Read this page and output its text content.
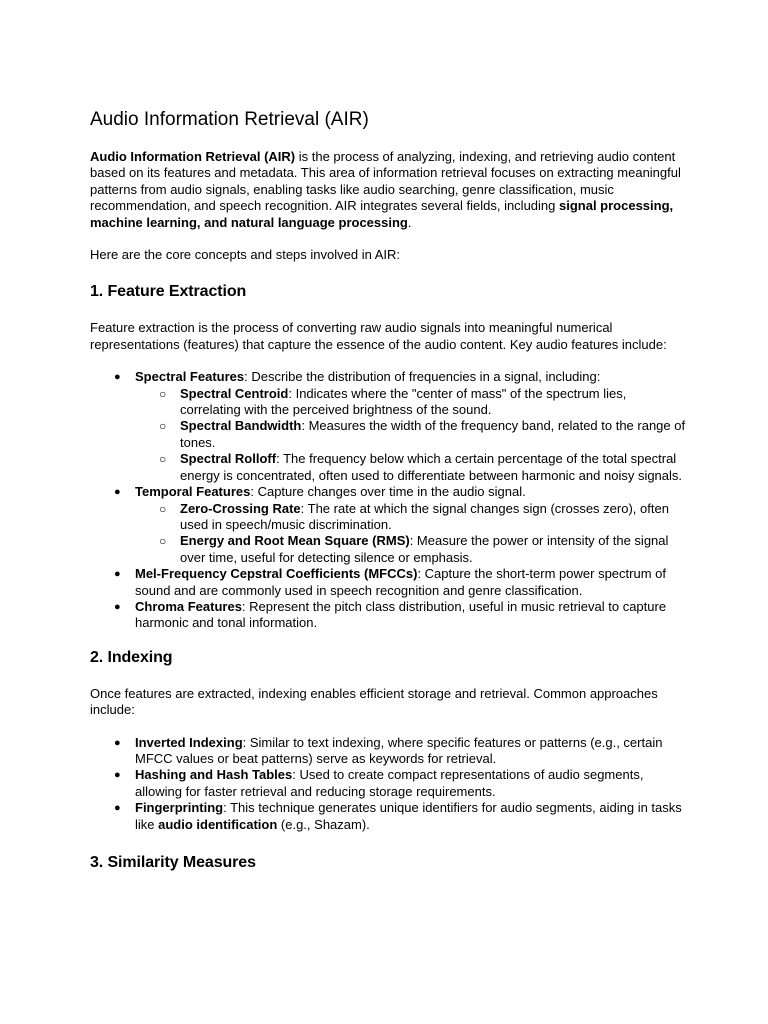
Audio Information Retrieval (AIR)

Audio Information Retrieval (AIR) is the process of analyzing, indexing, and retrieving audio content based on its features and metadata. This area of information retrieval focuses on extracting meaningful patterns from audio signals, enabling tasks like audio searching, genre classification, music recommendation, and speech recognition. AIR integrates several fields, including signal processing, machine learning, and natural language processing.

Here are the core concepts and steps involved in AIR:

1. Feature Extraction

Feature extraction is the process of converting raw audio signals into meaningful numerical representations (features) that capture the essence of the audio content. Key audio features include:

● Spectral Features: Describe the distribution of frequencies in a signal, including:
○ Spectral Centroid: Indicates where the "center of mass" of the spectrum lies, correlating with the perceived brightness of the sound.
○ Spectral Bandwidth: Measures the width of the frequency band, related to the range of tones.
○ Spectral Rolloff: The frequency below which a certain percentage of the total spectral energy is concentrated, often used to differentiate between harmonic and noisy signals.
● Temporal Features: Capture changes over time in the audio signal.
○ Zero-Crossing Rate: The rate at which the signal changes sign (crosses zero), often used in speech/music discrimination.
○ Energy and Root Mean Square (RMS): Measure the power or intensity of the signal over time, useful for detecting silence or emphasis.
● Mel-Frequency Cepstral Coefficients (MFCCs): Capture the short-term power spectrum of sound and are commonly used in speech recognition and genre classification.
● Chroma Features: Represent the pitch class distribution, useful in music retrieval to capture harmonic and tonal information.
2. Indexing

Once features are extracted, indexing enables efficient storage and retrieval. Common approaches include:

● Inverted Indexing: Similar to text indexing, where specific features or patterns (e.g., certain MFCC values or beat patterns) serve as keywords for retrieval.
● Hashing and Hash Tables: Used to create compact representations of audio segments, allowing for faster retrieval and reducing storage requirements.
● Fingerprinting: This technique generates unique identifiers for audio segments, aiding in tasks like audio identification (e.g., Shazam).
3. Similarity Measures
